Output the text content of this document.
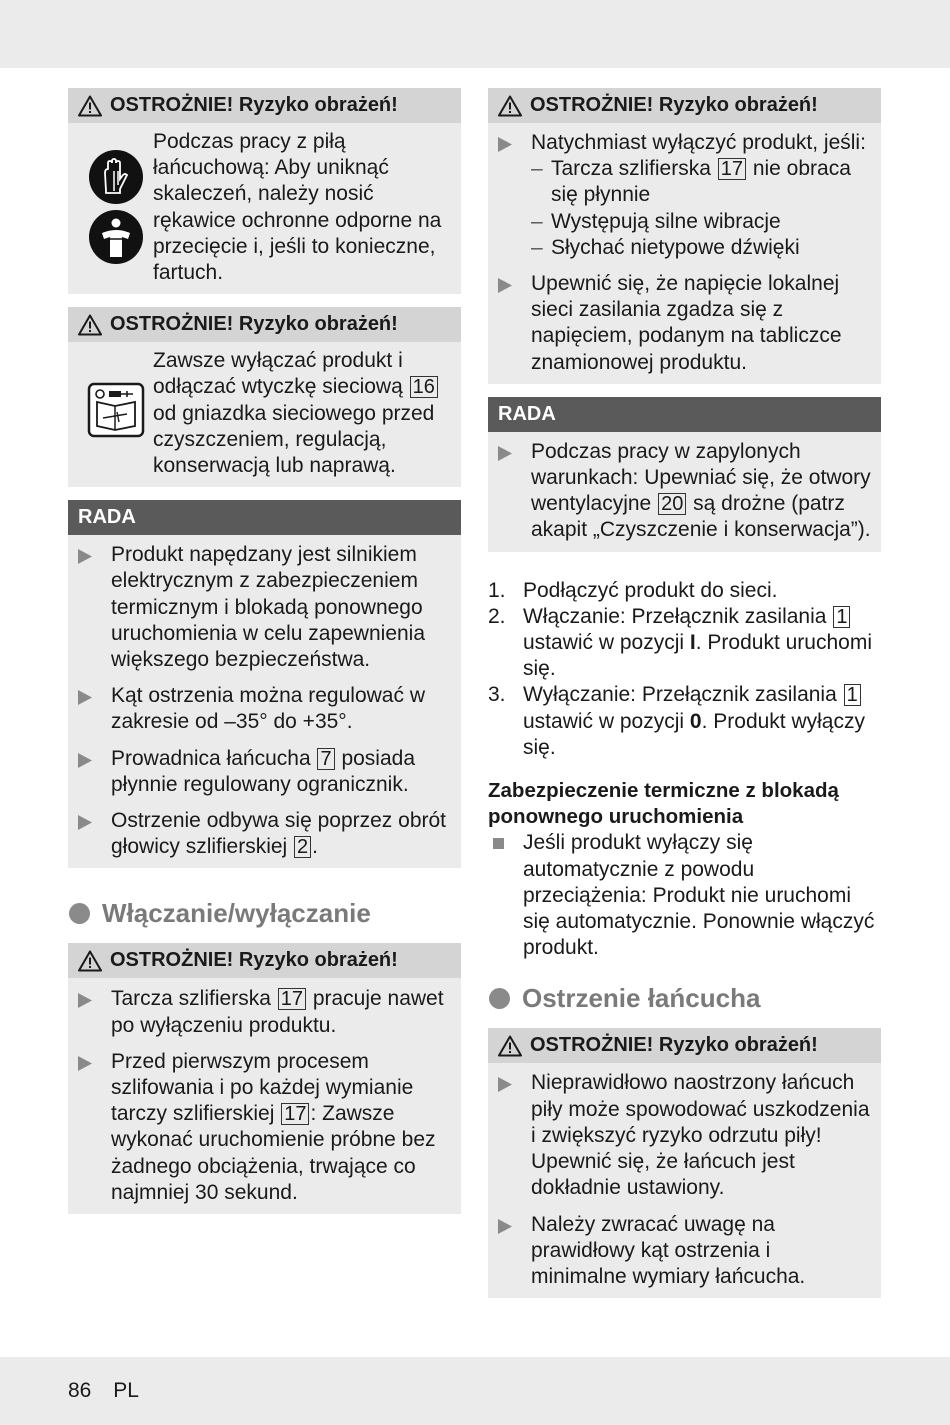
OSTROŻNIE! Ryzyko obrażeń!
Podczas pracy z piłą łańcuchową: Aby uniknąć skaleczeń, należy nosić rękawice ochronne odporne na przecięcie i, jeśli to konieczne, fartuch.
OSTROŻNIE! Ryzyko obrażeń!
Zawsze wyłączać produkt i odłączać wtyczkę sieciową 16 od gniazdka sieciowego przed czyszczeniem, regulacją, konserwacją lub naprawą.
RADA
Produkt napędzany jest silnikiem elektrycznym z zabezpieczeniem termicznym i blokadą ponownego uruchomienia w celu zapewnienia większego bezpieczeństwa.
Kąt ostrzenia można regulować w zakresie od –35° do +35°.
Prowadnica łańcucha 7 posiada płynnie regulowany ogranicznik.
Ostrzenie odbywa się poprzez obrót głowicy szlifierskiej 2 .
Włączanie/wyłączanie
OSTROŻNIE! Ryzyko obrażeń!
Tarcza szlifierska 17 pracuje nawet po wyłączeniu produktu.
Przed pierwszym procesem szlifowania i po każdej wymianie tarczy szlifierskiej 17 : Zawsze wykonać uruchomienie próbne bez żadnego obciążenia, trwające co najmniej 30 sekund.
OSTROŻNIE! Ryzyko obrażeń!
Natychmiast wyłączyć produkt, jeśli:
– Tarcza szlifierska 17 nie obraca się płynnie
– Występują silne wibracje
– Słychać nietypowe dźwięki
Upewnić się, że napięcie lokalnej sieci zasilania zgadza się z napięciem, podanym na tabliczce znamionowej produktu.
RADA
Podczas pracy w zapylonych warunkach: Upewniać się, że otwory wentylacyjne 20 są drożne (patrz akapit „Czyszczenie i konserwacja”).
1. Podłączyć produkt do sieci.
2. Włączanie: Przełącznik zasilania 1 ustawić w pozycji I. Produkt uruchomi się.
3. Wyłączanie: Przełącznik zasilania 1 ustawić w pozycji 0. Produkt wyłączy się.
Zabezpieczenie termiczne z blokadą ponownego uruchomienia
Jeśli produkt wyłączy się automatycznie z powodu przeciążenia: Produkt nie uruchomi się automatycznie. Ponownie włączyć produkt.
Ostrzenie łańcucha
OSTROŻNIE! Ryzyko obrażeń!
Nieprawidłowo naostrzony łańcuch piły może spowodować uszkodzenia i zwiększyć ryzyko odrzutu piły! Upewnić się, że łańcuch jest dokładnie ustawiony.
Należy zwracać uwagę na prawidłowy kąt ostrzenia i minimalne wymiary łańcucha.
86 PL
